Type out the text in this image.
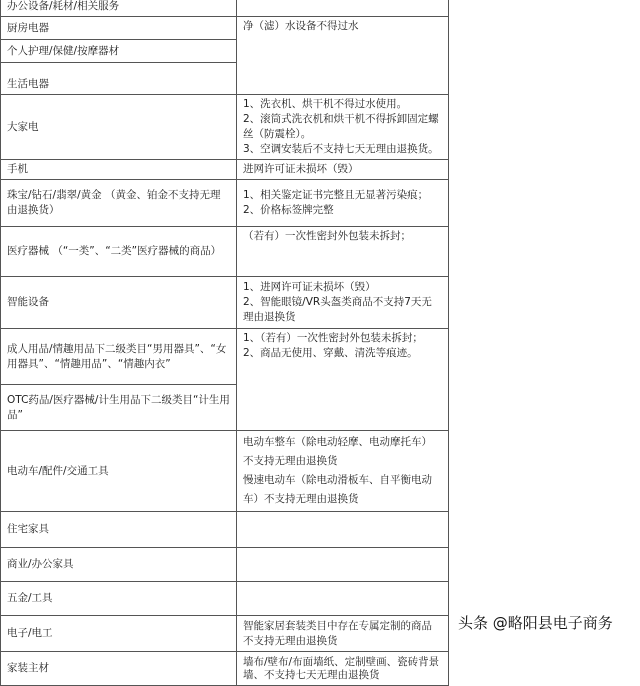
办公设备/耗材/相关服务	
厨房电器	净（滤）水设备不得过水
个人护理/保健/按摩器材	
生活电器	
大家电	1、洗衣机、烘干机不得过水使用。
2、滚筒式洗衣机和烘干机不得拆卸固定螺丝（防震栓）。
3、空调安装后不支持七天无理由退换货。

手机	进网许可证未损坏（毁）
珠宝/钻石/翡翠/黄金 （黄金、铂金不支持无理由退换货）	1、相关鉴定证书完整且无显著污染痕；
2、价格标签牌完整

医疗器械 （“一类”、“二类”医疗器械的商品）	（若有）一次性密封外包装未拆封；
智能设备	1、进网许可证未损坏（毁）
2、智能眼镜/VR头盔类商品不支持7天无理由退换货

成人用品/情趣用品下二级类目“男用器具”、“女用器具”、“情趣用品”、“情趣内衣”	1、（若有）一次性密封外包装未拆封；
2、商品无使用、穿戴、清洗等痕迹。

OTC药品/医疗器械/计生用品下二级类目“计生用品”	
电动车/配件/交通工具	电动车整车（除电动轻摩、电动摩托车）不支持无理由退换货
慢速电动车（除电动滑板车、自平衡电动车）不支持无理由退换货

住宅家具	
商业/办公家具	
五金/工具	
电子/电工	智能家居套装类目中存在专属定制的商品不支持无理由退换货
家装主材	墙布/壁布/布面墙纸、定制壁画、瓷砖背景墙、不支持七天无理由退换货
头条 @略阳县电子商务
